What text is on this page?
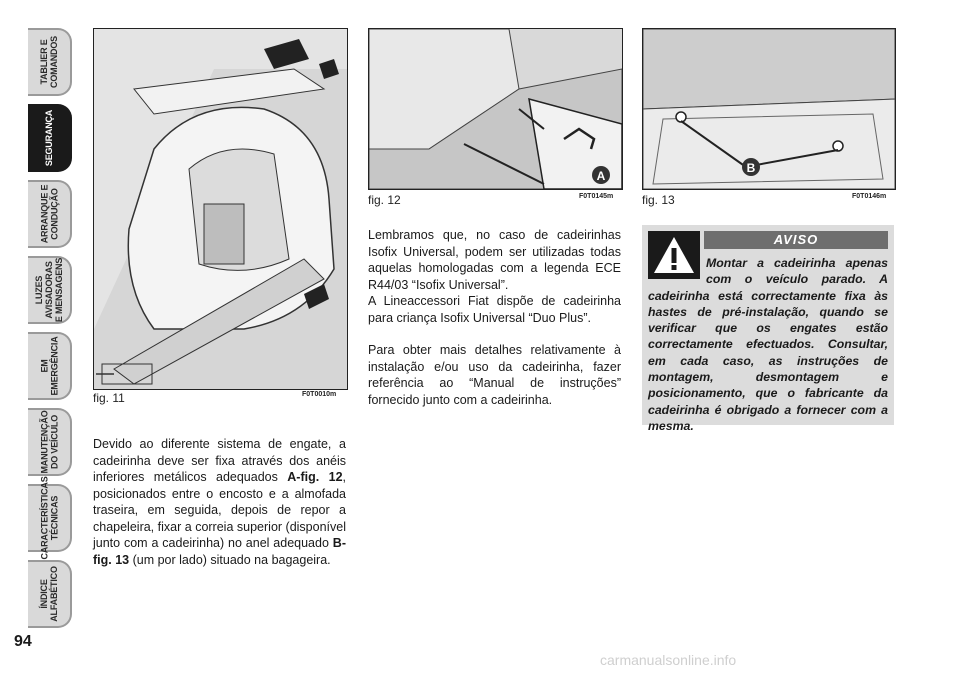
TABLIER E
COMANDOS
SEGURANÇA
ARRANQUE E
CONDUÇÃO
LUZES
AVISADORAS
E MENSAGENS
EM
EMERGÊNCIA
MANUTENÇÃO
DO VEÍCULO
CARACTERÍSTICAS
TÉCNICAS
ÍNDICE
ALFABÉTICO
94
fig. 11	F0T0010m
A
fig. 12	F0T0145m
B
fig. 13	F0T0146m

Devido ao diferente sistema de engate, a cadeirinha deve ser fixa através dos anéis inferiores metálicos adequados A-fig. 12, posicionados entre o encosto e a almofada traseira, em seguida, depois de repor a chapeleira, fixar a correia superior (disponível junto com a cadeirinha) no anel adequado B-fig. 13 (um por lado) situado na bagageira.

Lembramos que, no caso de cadeirinhas Isofix Universal, podem ser utilizadas todas aquelas homologadas com a legenda ECE R44/03 “Isofix Universal”.

A Lineaccessori Fiat dispõe de cadeirinha para criança Isofix Universal “Duo Plus”.

Para obter mais detalhes relativamente à instalação e/ou uso da cadeirinha, fazer referência ao “Manual de instruções” fornecido junto com a cadeirinha.

AVISO

Montar a cadeirinha apenas com o veículo parado. A cadeirinha está correctamente fixa às hastes de pré-instalação, quando se verificar que os engates estão correctamente efectuados. Consultar, em cada caso, as instruções de montagem, desmontagem e posicionamento, que o fabricante da cadeirinha é obrigado a fornecer com a mesma.

carmanualsonline.info
